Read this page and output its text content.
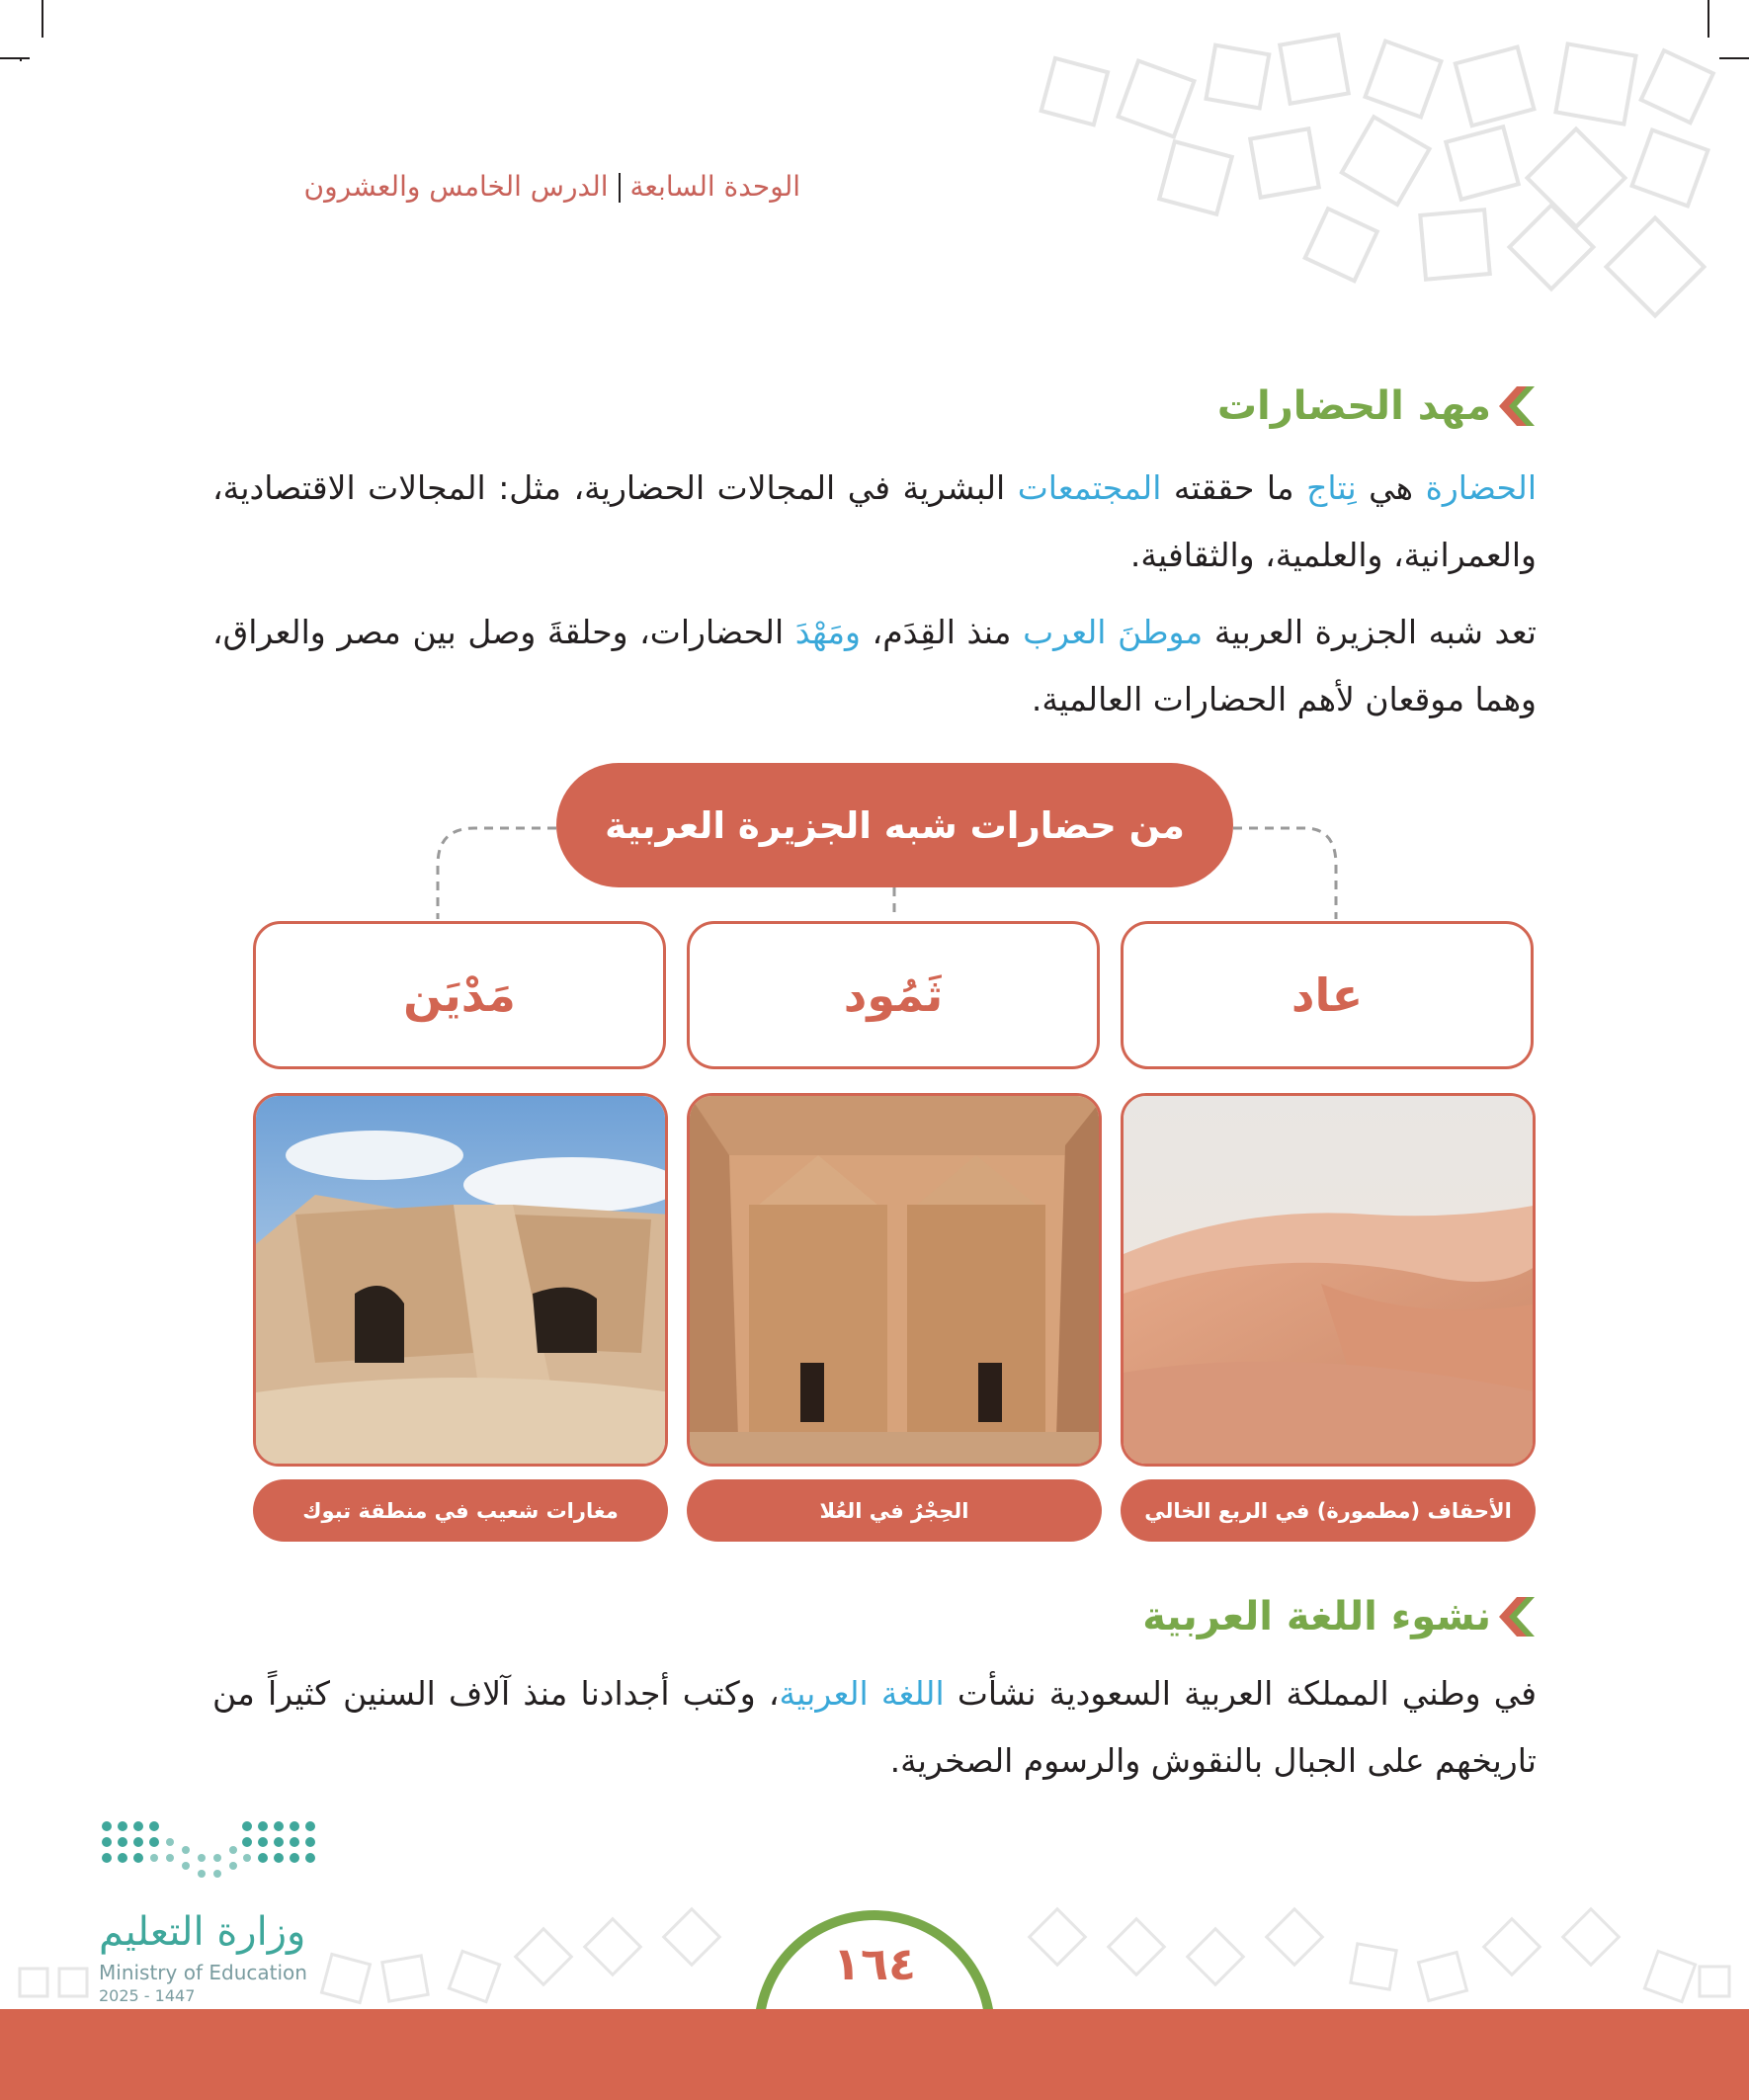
الوحدة السابعةالدرس الخامس والعشرون
مهد الحضارات
الحضارة هي نِتاج ما حققته المجتمعات البشرية في المجالات الحضارية، مثل: المجالات الاقتصادية، والعمرانية، والعلمية، والثقافية.
تعد شبه الجزيرة العربية موطنَ العرب منذ القِدَم، ومَهْدَ الحضارات، وحلقةَ وصل بين مصر والعراق، وهما موقعان لأهم الحضارات العالمية.
من حضارات شبه الجزيرة العربية
عاد
ثَمُود
مَدْيَن
الأحقاف (مطمورة) في الربع الخالي
الحِجْرُ في العُلا
مغارات شعيب في منطقة تبوك
نشوء اللغة العربية
في وطني المملكة العربية السعودية نشأت اللغة العربية، وكتب أجدادنا منذ آلاف السنين كثيراً من تاريخهم على الجبال بالنقوش والرسوم الصخرية.
وزارة التعليم
Ministry of Education
2025 - 1447
١٦٤
